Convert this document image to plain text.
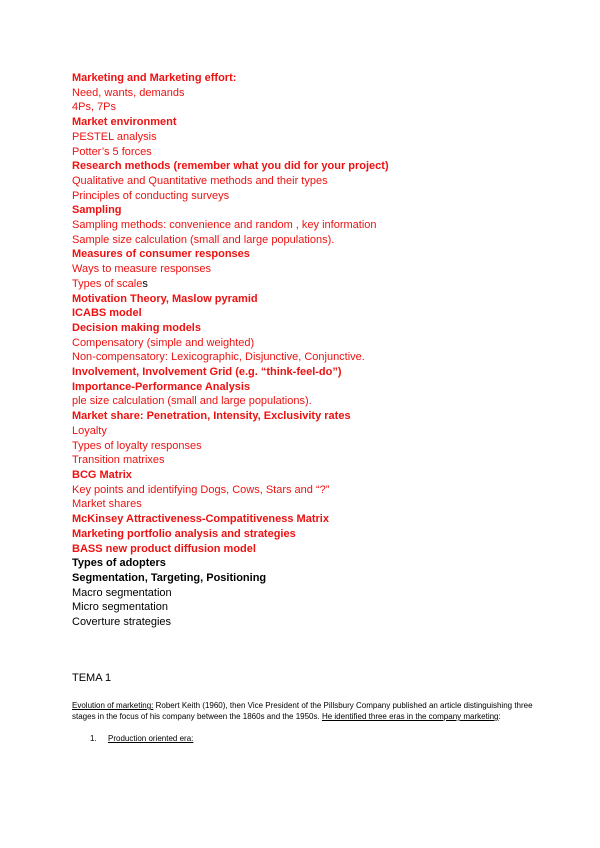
Marketing and Marketing effort:
Need, wants, demands
4Ps, 7Ps
Market environment
PESTEL analysis
Potter’s 5 forces
Research methods (remember what you did for your project)
Qualitative and Quantitative methods and their types
Principles of conducting surveys
Sampling
Sampling methods: convenience and random , key information
Sample size calculation (small and large populations).
Measures of consumer responses
Ways to measure responses
Types of scales
Motivation Theory, Maslow pyramid
ICABS model
Decision making models
Compensatory (simple and weighted)
Non-compensatory: Lexicographic, Disjunctive, Conjunctive.
Involvement, Involvement Grid (e.g. “think-feel-do”)
Importance-Performance Analysis
ple size calculation (small and large populations).
Market share: Penetration, Intensity, Exclusivity rates
Loyalty
Types of loyalty responses
Transition matrixes
BCG Matrix
Key points and identifying Dogs, Cows, Stars and “?”
Market shares
McKinsey Attractiveness-Compatitiveness Matrix
Marketing portfolio analysis and strategies
BASS new product diffusion model
Types of adopters
Segmentation, Targeting, Positioning
Macro segmentation
Micro segmentation
Coverture strategies
TEMA 1
Evolution of marketing: Robert Keith (1960), then Vice President of the Pillsbury Company published an article distinguishing three stages in the focus of his company between the 1860s and the 1950s. He identified three eras in the company marketing:
1. Production oriented era:
